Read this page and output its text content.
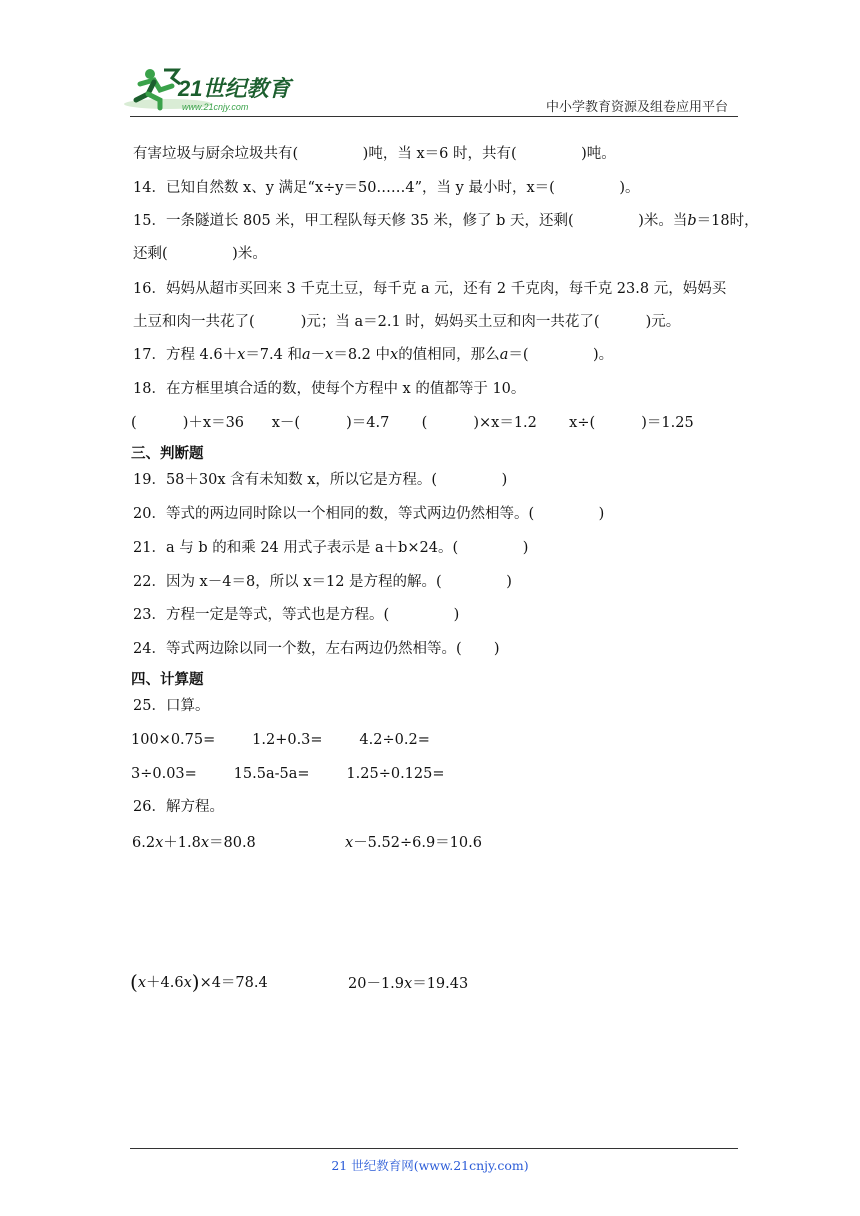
21世纪教育
www.21cnjy.com	中小学教育资源及组卷应用平台
有害垃圾与厨余垃圾共有(              )吨，当 x＝6 时，共有(              )吨。
14．已知自然数 x、y 满足“x÷y＝50……4”，当 y 最小时，x＝(              )。
15．一条隧道长 805 米，甲工程队每天修 35 米，修了 b 天，还剩(              )米。当b＝18时，
还剩(              )米。
16．妈妈从超市买回来 3 千克土豆，每千克 a 元，还有 2 千克肉，每千克 23.8 元，妈妈买
土豆和肉一共花了(          )元；当 a＝2.1 时，妈妈买土豆和肉一共花了(          )元。
17．方程 4.6＋x＝7.4 和a－x＝8.2 中x的值相同，那么a＝(              )。
18．在方框里填合适的数，使每个方程中 x 的值都等于 10。
(          )＋x＝36      x－(          )＝4.7       (          )×x＝1.2       x÷(          )＝1.25
三、判断题
19．58＋30x 含有未知数 x，所以它是方程。(              )
20．等式的两边同时除以一个相同的数，等式两边仍然相等。(              )
21．a 与 b 的和乘 24 用式子表示是 a＋b×24。(              )
22．因为 x－4＝8，所以 x＝12 是方程的解。(              )
23．方程一定是等式，等式也是方程。(              )
24．等式两边除以同一个数，左右两边仍然相等。(       )
四、计算题
25．口算。
100×0.75=        1.2+0.3=        4.2÷0.2=
3÷0.03=        15.5a-5a=        1.25÷0.125=
26．解方程。
6.2x＋1.8x＝80.8	x－5.52÷6.9＝10.6
(x＋4.6x)×4＝78.4	20－1.9x＝19.43
21 世纪教育网(www.21cnjy.com)
